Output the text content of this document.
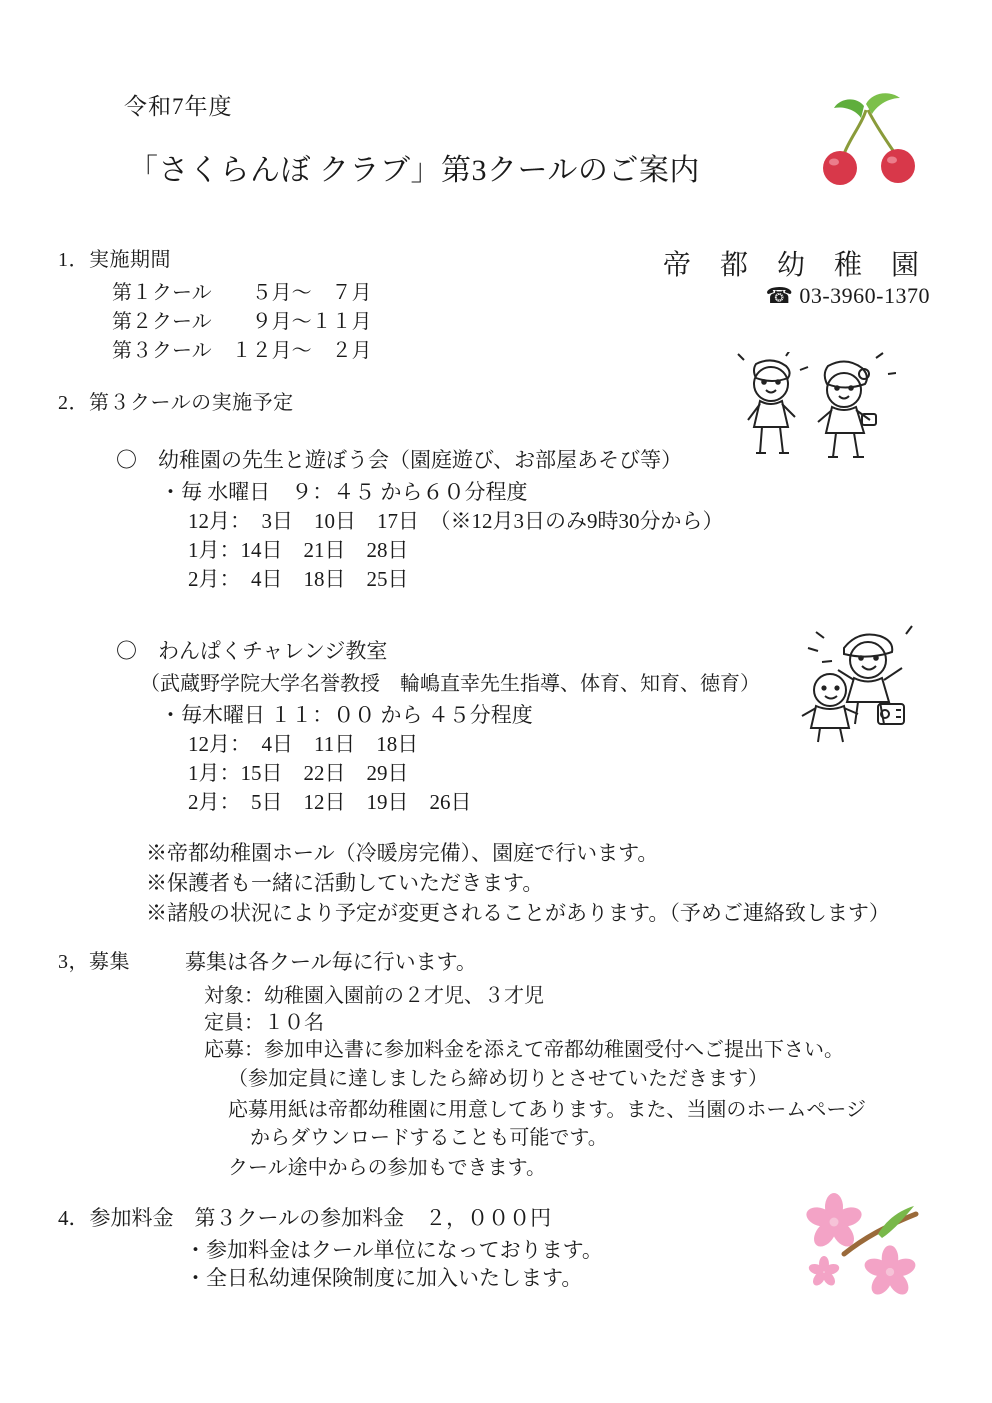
令和7年度
「さくらんぼ クラブ」第3クールのご案内
帝 都 幼 稚 園
☎ 03-3960-1370
1．実施期間
第１クール　　５月〜　７月
第２クール　　９月〜１１月
第３クール　１２月〜　２月
2．第３クールの実施予定
〇　幼稚園の先生と遊ぼう会（園庭遊び、お部屋あそび等）
・毎 水曜日　９：４５ から６０分程度
12月：　3日　10日　17日　（※12月3日のみ9時30分から）
1月：14日　21日　28日
2月：　4日　18日　25日
〇　わんぱくチャレンジ教室
（武蔵野学院大学名誉教授　輪嶋直幸先生指導、体育、知育、徳育）
・毎木曜日 １１：００ から ４５分程度
12月：　4日　11日　18日
1月：15日　22日　29日
2月：　5日　12日　19日　26日
※帝都幼稚園ホール（冷暖房完備）、園庭で行います。
※保護者も一緒に活動していただきます。
※諸般の状況により予定が変更されることがあります。（予めご連絡致します）
3，募集	募集は各クール毎に行います。
対象：幼稚園入園前の２才児、３才児
定員：１０名
応募：参加申込書に参加料金を添えて帝都幼稚園受付へご提出下さい。
（参加定員に達しましたら締め切りとさせていただきます）
応募用紙は帝都幼稚園に用意してあります。また、当園のホームページ
からダウンロードすることも可能です。
クール途中からの参加もできます。
4．参加料金　第３クールの参加料金　２，０００円
・参加料金はクール単位になっております。
・全日私幼連保険制度に加入いたします。
